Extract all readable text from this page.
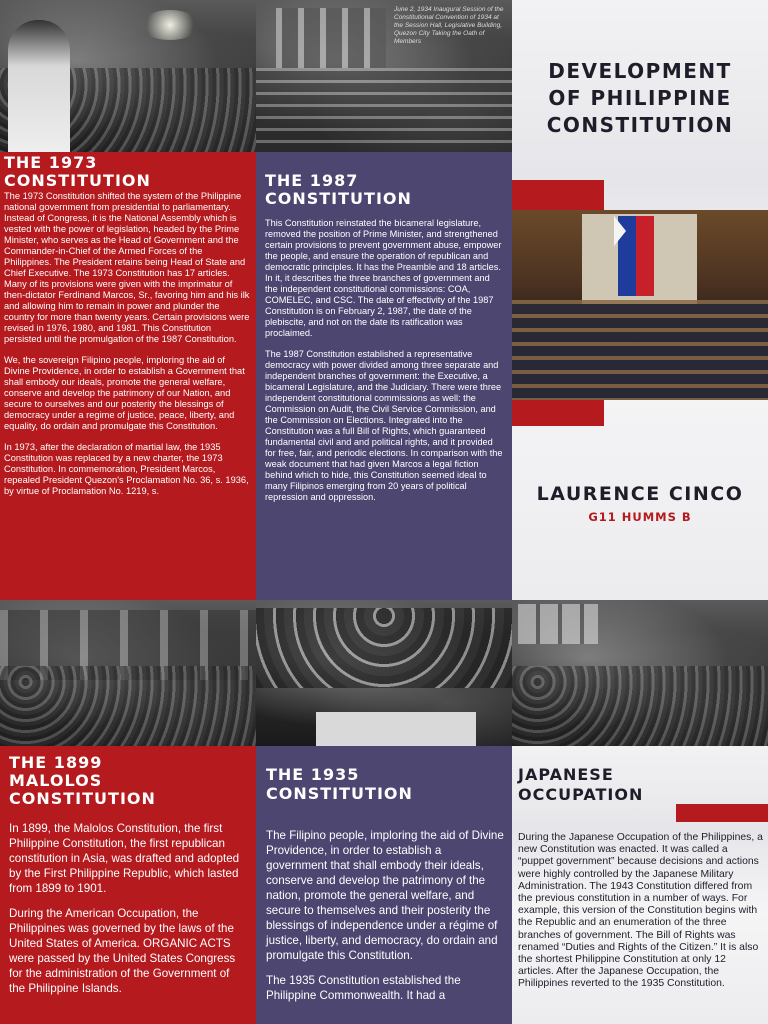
June 2, 1934 Inaugural Session of the Constitutional Convention of 1934 at the Session Hall, Legislative Building, Quezon City Taking the Oath of Members
DEVELOPMENT
OF PHILIPPINE
CONSTITUTION
LAURENCE CINCO
G11 HUMMS B
THE 1973
CONSTITUTION

The 1973 Constitution shifted the system of the Philippine national government from presidential to parliamentary. Instead of Congress, it is the National Assembly which is vested with the power of legislation, headed by the Prime Minister, who serves as the Head of Government and the Commander-in-Chief of the Armed Forces of the Philippines. The President retains being Head of State and Chief Executive. The 1973 Constitution has 17 articles. Many of its provisions were given with the imprimatur of then-dictator Ferdinand Marcos, Sr., favoring him and his ilk and allowing him to remain in power and plunder the country for more than twenty years. Certain provisions were revised in 1976, 1980, and 1981. This Constitution persisted until the promulgation of the 1987 Constitution.

We, the sovereign Filipino people, imploring the aid of Divine Providence, in order to establish a Government that shall embody our ideals, promote the general welfare, conserve and develop the patrimony of our Nation, and secure to ourselves and our posterity the blessings of democracy under a regime of justice, peace, liberty, and equality, do ordain and promulgate this Constitution.

In 1973, after the declaration of martial law, the 1935 Constitution was replaced by a new charter, the 1973 Constitution. In commemoration, President Marcos, repealed President Quezon's Proclamation No. 36, s. 1936, by virtue of Proclamation No. 1219, s.

THE 1987
CONSTITUTION

This Constitution reinstated the bicameral legislature, removed the position of Prime Minister, and strengthened certain provisions to prevent government abuse, empower the people, and ensure the operation of republican and democratic principles. It has the Preamble and 18 articles. In it, it describes the three branches of government and the independent constitutional commissions: COA, COMELEC, and CSC. The date of effectivity of the 1987 Constitution is on February 2, 1987, the date of the plebiscite, and not on the date its ratification was proclaimed.

The 1987 Constitution established a representative democracy with power divided among three separate and independent branches of government: the Executive, a bicameral Legislature, and the Judiciary. There were three independent constitutional commissions as well: the Commission on Audit, the Civil Service Commission, and the Commission on Elections. Integrated into the Constitution was a full Bill of Rights, which guaranteed fundamental civil and and political rights, and it provided for free, fair, and periodic elections. In comparison with the weak document that had given Marcos a legal fiction behind which to hide, this Constitution seemed ideal to many Filipinos emerging from 20 years of political repression and oppression.

THE 1899
MALOLOS
CONSTITUTION

In 1899, the Malolos Constitution, the first Philippine Constitution, the first republican constitution in Asia, was drafted and adopted by the First Philippine Republic, which lasted from 1899 to 1901.

During the American Occupation, the Philippines was governed by the laws of the United States of America. ORGANIC ACTS were passed by the United States Congress for the administration of the Government of the Philippine Islands.

THE 1935
CONSTITUTION

The Filipino people, imploring the aid of Divine Providence, in order to establish a government that shall embody their ideals, conserve and develop the patrimony of the nation, promote the general welfare, and secure to themselves and their posterity the blessings of independence under a régime of justice, liberty, and democracy, do ordain and promulgate this Constitution.

The 1935 Constitution established the Philippine Commonwealth. It had a

JAPANESE
OCCUPATION

During the Japanese Occupation of the Philippines, a new Constitution was enacted. It was called a “puppet government” because decisions and actions were highly controlled by the Japanese Military Administration. The 1943 Constitution differed from the previous constitution in a number of ways. For example, this version of the Constitution begins with the Republic and an enumeration of the three branches of government. The Bill of Rights was renamed “Duties and Rights of the Citizen.” It is also the shortest Philippine Constitution at only 12 articles. After the Japanese Occupation, the Philippines reverted to the 1935 Constitution.
